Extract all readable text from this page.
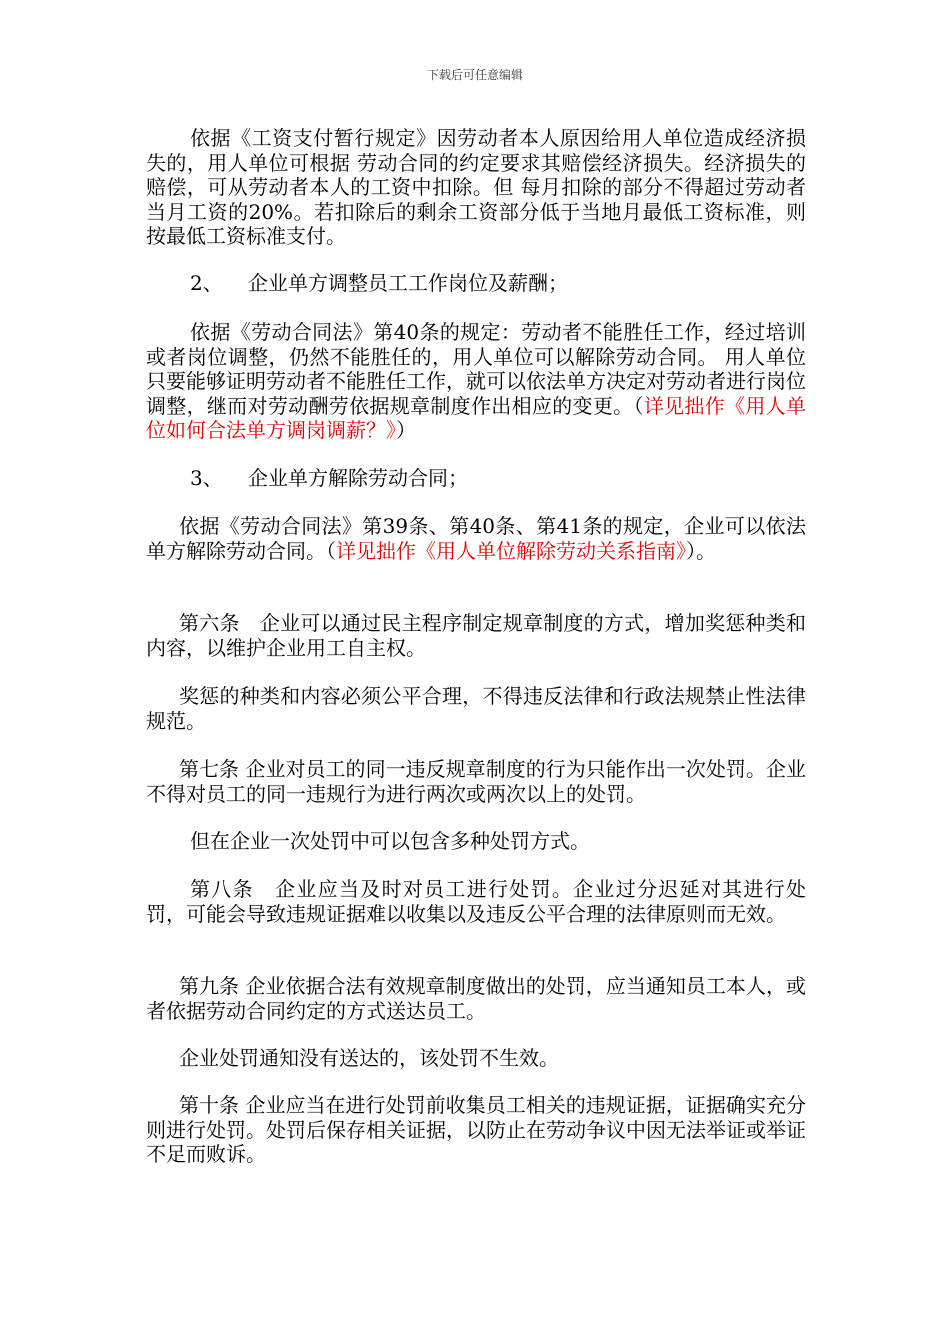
下载后可任意编辑

依据《工资支付暂行规定》因劳动者本人原因给用人单位造成经济损失的，用人单位可根据 劳动合同的约定要求其赔偿经济损失。经济损失的赔偿，可从劳动者本人的工资中扣除。但 每月扣除的部分不得超过劳动者当月工资的20%。若扣除后的剩余工资部分低于当地月最低工资标准，则按最低工资标准支付。

2、 企业单方调整员工工作岗位及薪酬；

依据《劳动合同法》第40条的规定：劳动者不能胜任工作，经过培训或者岗位调整，仍然不能胜任的，用人单位可以解除劳动合同。 用人单位只要能够证明劳动者不能胜任工作，就可以依法单方决定对劳动者进行岗位调整，继而对劳动酬劳依据规章制度作出相应的变更。（详见拙作《用人单位如何合法单方调岗调薪？》）

3、 企业单方解除劳动合同；

依据《劳动合同法》第39条、第40条、第41条的规定，企业可以依法单方解除劳动合同。（详见拙作《用人单位解除劳动关系指南》）。

第六条　企业可以通过民主程序制定规章制度的方式，增加奖惩种类和内容，以维护企业用工自主权。

奖惩的种类和内容必须公平合理，不得违反法律和行政法规禁止性法律规范。

第七条 企业对员工的同一违反规章制度的行为只能作出一次处罚。企业不得对员工的同一违规行为进行两次或两次以上的处罚。

但在企业一次处罚中可以包含多种处罚方式。

第八条　企业应当及时对员工进行处罚。企业过分迟延对其进行处罚，可能会导致违规证据难以收集以及违反公平合理的法律原则而无效。

第九条 企业依据合法有效规章制度做出的处罚，应当通知员工本人，或者依据劳动合同约定的方式送达员工。

企业处罚通知没有送达的，该处罚不生效。

第十条 企业应当在进行处罚前收集员工相关的违规证据，证据确实充分则进行处罚。处罚后保存相关证据，以防止在劳动争议中因无法举证或举证不足而败诉。
